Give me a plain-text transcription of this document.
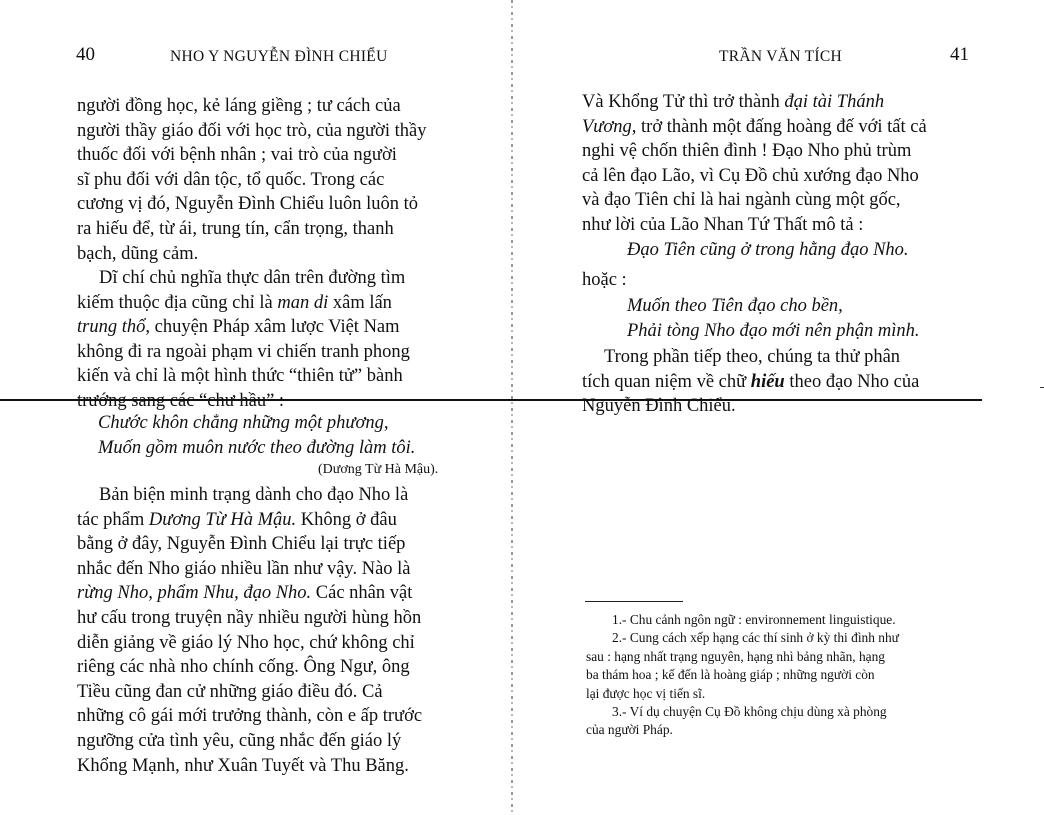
40	NHO Y NGUYỄN ĐÌNH CHIỂU
người đồng học, kẻ láng giềng ; tư cách của
người thầy giáo đối với học trò, của người thầy
thuốc đối với bệnh nhân ; vai trò của người
sĩ phu đối với dân tộc, tổ quốc. Trong các
cương vị đó, Nguyễn Đình Chiểu luôn luôn tỏ
ra hiếu để, từ ái, trung tín, cẩn trọng, thanh
bạch, dũng cảm.
Dĩ chí chủ nghĩa thực dân trên đường tìm
kiếm thuộc địa cũng chỉ là man di xâm lấn
trung thổ, chuyện Pháp xâm lược Việt Nam
không đi ra ngoài phạm vi chiến tranh phong
kiến và chỉ là một hình thức “thiên tử” bành
trướng sang các “chư hầu” :
Chước khôn chẳng những một phương,
Muốn gồm muôn nước theo đường làm tôi.
(Dương Từ Hà Mậu).
Bản biện minh trạng dành cho đạo Nho là
tác phẩm Dương Từ Hà Mậu. Không ở đâu
bằng ở đây, Nguyễn Đình Chiểu lại trực tiếp
nhắc đến Nho giáo nhiều lần như vậy. Nào là
rừng Nho, phẩm Nhu, đạo Nho. Các nhân vật
hư cấu trong truyện nầy nhiều người hùng hồn
diễn giảng về giáo lý Nho học, chứ không chỉ
riêng các nhà nho chính cống. Ông Ngư, ông
Tiều cũng đan cử những giáo điều đó. Cả
những cô gái mới trưởng thành, còn e ấp trước
ngưỡng cửa tình yêu, cũng nhắc đến giáo lý
Khổng Mạnh, như Xuân Tuyết và Thu Băng.
TRẦN VĂN TÍCH	41
Và Khổng Tử thì trở thành đại tài Thánh
Vương, trở thành một đấng hoàng đế với tất cả
nghi vệ chốn thiên đình ! Đạo Nho phủ trùm
cả lên đạo Lão, vì Cụ Đồ chủ xướng đạo Nho
và đạo Tiên chỉ là hai ngành cùng một gốc,
như lời của Lão Nhan Tứ Thất mô tả :
Đạo Tiên cũng ở trong hằng đạo Nho.
hoặc :
Muốn theo Tiên đạo cho bền,
Phải tòng Nho đạo mới nên phận mình.
Trong phần tiếp theo, chúng ta thử phân
tích quan niệm về chữ hiếu theo đạo Nho của
Nguyễn Đình Chiểu.
1.- Chu cảnh ngôn ngữ : environnement linguistique.
2.- Cung cách xếp hạng các thí sinh ở kỳ thi đình như
sau : hạng nhất trạng nguyên, hạng nhì bảng nhãn, hạng
ba thám hoa ; kế đến là hoàng giáp ; những người còn
lại được học vị tiến sĩ.
3.- Ví dụ chuyện Cụ Đồ không chịu dùng xà phòng
của người Pháp.
